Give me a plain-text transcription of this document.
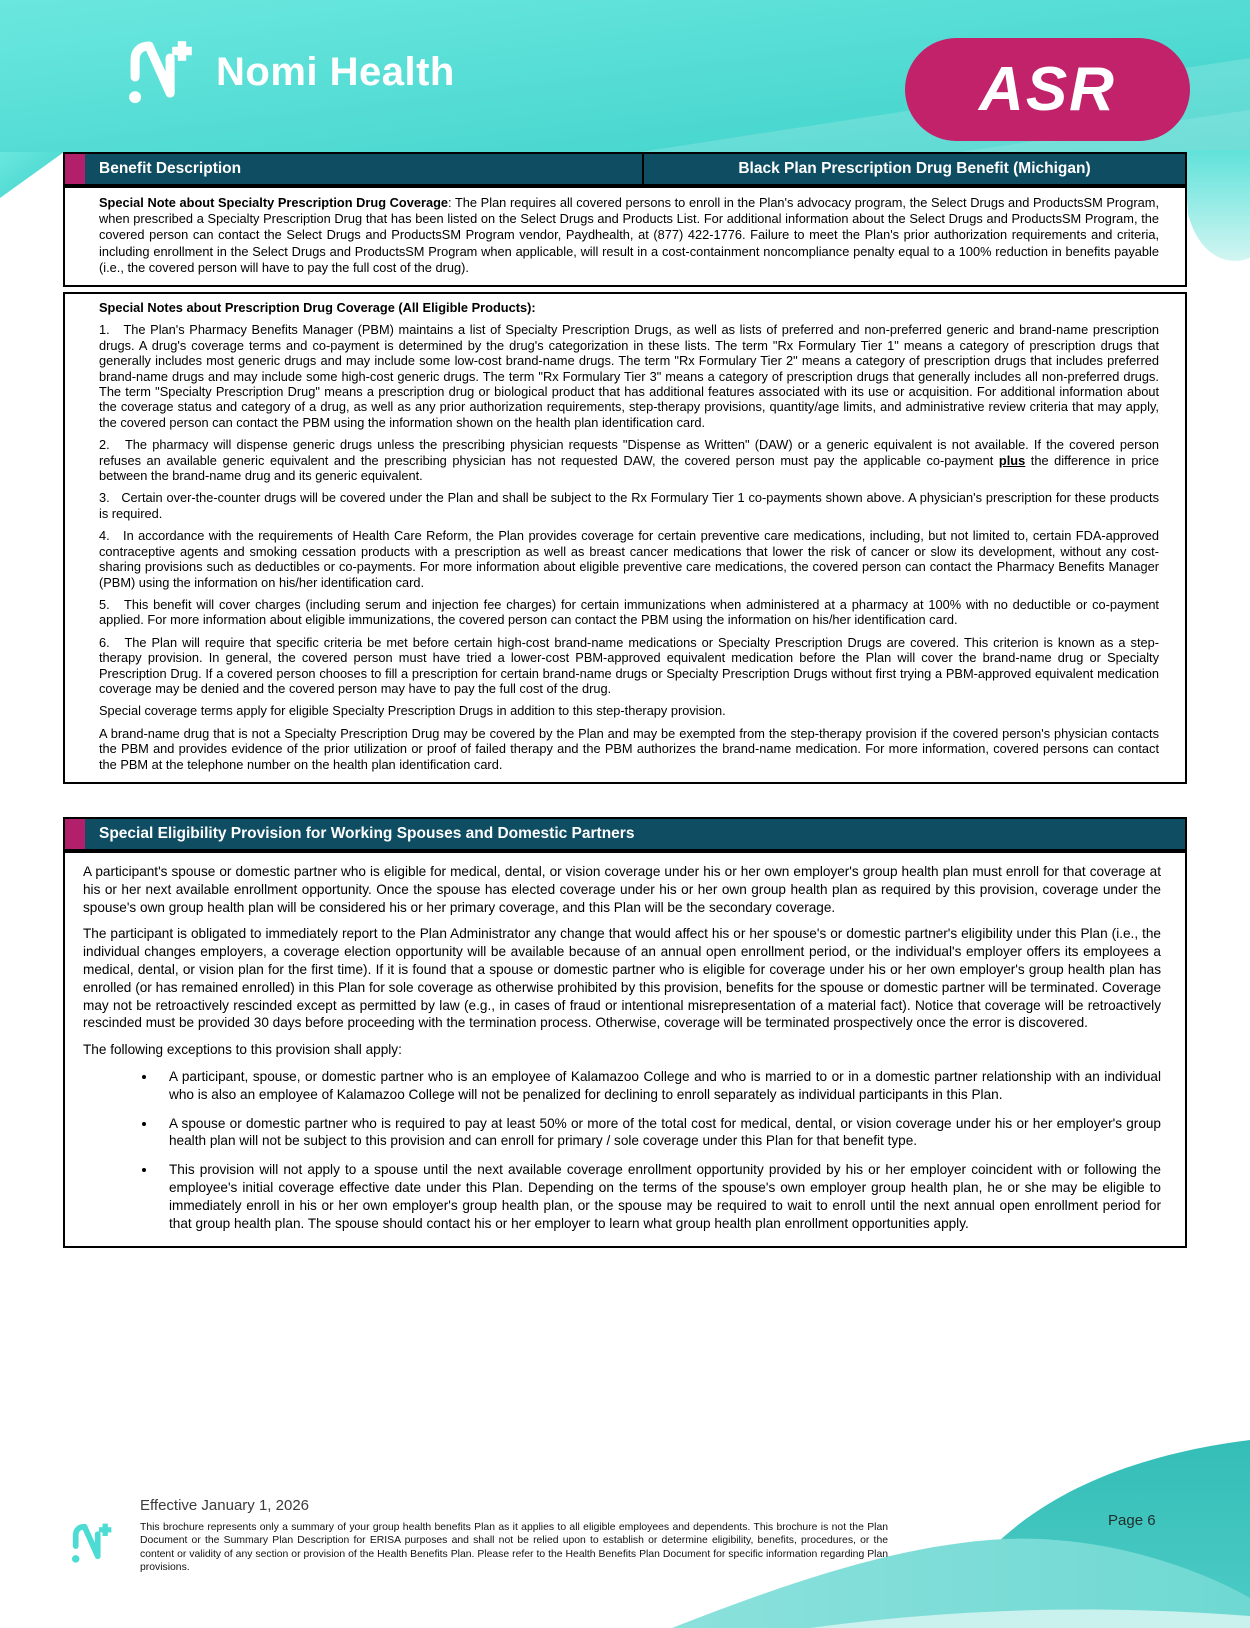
Nomi Health	ASR
Benefit Description	Black Plan Prescription Drug Benefit (Michigan)
Special Note about Specialty Prescription Drug Coverage: The Plan requires all covered persons to enroll in the Plan's advocacy program, the Select Drugs and ProductsSM Program, when prescribed a Specialty Prescription Drug that has been listed on the Select Drugs and Products List. For additional information about the Select Drugs and ProductsSM Program, the covered person can contact the Select Drugs and ProductsSM Program vendor, Paydhealth, at (877) 422-1776. Failure to meet the Plan's prior authorization requirements and criteria, including enrollment in the Select Drugs and ProductsSM Program when applicable, will result in a cost-containment noncompliance penalty equal to a 100% reduction in benefits payable (i.e., the covered person will have to pay the full cost of the drug).

Special Notes about Prescription Drug Coverage (All Eligible Products):

1.   The Plan's Pharmacy Benefits Manager (PBM) maintains a list of Specialty Prescription Drugs, as well as lists of preferred and non-preferred generic and brand-name prescription drugs. A drug's coverage terms and co-payment is determined by the drug's categorization in these lists. The term "Rx Formulary Tier 1" means a category of prescription drugs that generally includes most generic drugs and may include some low-cost brand-name drugs. The term "Rx Formulary Tier 2" means a category of prescription drugs that includes preferred brand-name drugs and may include some high-cost generic drugs. The term "Rx Formulary Tier 3" means a category of prescription drugs that generally includes all non-preferred drugs. The term "Specialty Prescription Drug" means a prescription drug or biological product that has additional features associated with its use or acquisition. For additional information about the coverage status and category of a drug, as well as any prior authorization requirements, step-therapy provisions, quantity/age limits, and administrative review criteria that may apply, the covered person can contact the PBM using the information shown on the health plan identification card.

2.   The pharmacy will dispense generic drugs unless the prescribing physician requests "Dispense as Written" (DAW) or a generic equivalent is not available. If the covered person refuses an available generic equivalent and the prescribing physician has not requested DAW, the covered person must pay the applicable co-payment plus the difference in price between the brand-name drug and its generic equivalent.

3.   Certain over-the-counter drugs will be covered under the Plan and shall be subject to the Rx Formulary Tier 1 co-payments shown above. A physician's prescription for these products is required.

4.   In accordance with the requirements of Health Care Reform, the Plan provides coverage for certain preventive care medications, including, but not limited to, certain FDA-approved contraceptive agents and smoking cessation products with a prescription as well as breast cancer medications that lower the risk of cancer or slow its development, without any cost-sharing provisions such as deductibles or co-payments. For more information about eligible preventive care medications, the covered person can contact the Pharmacy Benefits Manager (PBM) using the information on his/her identification card.

5.   This benefit will cover charges (including serum and injection fee charges) for certain immunizations when administered at a pharmacy at 100% with no deductible or co-payment applied. For more information about eligible immunizations, the covered person can contact the PBM using the information on his/her identification card.

6.   The Plan will require that specific criteria be met before certain high-cost brand-name medications or Specialty Prescription Drugs are covered. This criterion is known as a step-therapy provision. In general, the covered person must have tried a lower-cost PBM-approved equivalent medication before the Plan will cover the brand-name drug or Specialty Prescription Drug. If a covered person chooses to fill a prescription for certain brand-name drugs or Specialty Prescription Drugs without first trying a PBM-approved equivalent medication coverage may be denied and the covered person may have to pay the full cost of the drug.

Special coverage terms apply for eligible Specialty Prescription Drugs in addition to this step-therapy provision.

A brand-name drug that is not a Specialty Prescription Drug may be covered by the Plan and may be exempted from the step-therapy provision if the covered person's physician contacts the PBM and provides evidence of the prior utilization or proof of failed therapy and the PBM authorizes the brand-name medication. For more information, covered persons can contact the PBM at the telephone number on the health plan identification card.

Special Eligibility Provision for Working Spouses and Domestic Partners

A participant's spouse or domestic partner who is eligible for medical, dental, or vision coverage under his or her own employer's group health plan must enroll for that coverage at his or her next available enrollment opportunity. Once the spouse has elected coverage under his or her own group health plan as required by this provision, coverage under the spouse's own group health plan will be considered his or her primary coverage, and this Plan will be the secondary coverage.

The participant is obligated to immediately report to the Plan Administrator any change that would affect his or her spouse's or domestic partner's eligibility under this Plan (i.e., the individual changes employers, a coverage election opportunity will be available because of an annual open enrollment period, or the individual's employer offers its employees a medical, dental, or vision plan for the first time). If it is found that a spouse or domestic partner who is eligible for coverage under his or her own employer's group health plan has enrolled (or has remained enrolled) in this Plan for sole coverage as otherwise prohibited by this provision, benefits for the spouse or domestic partner will be terminated. Coverage may not be retroactively rescinded except as permitted by law (e.g., in cases of fraud or intentional misrepresentation of a material fact). Notice that coverage will be retroactively rescinded must be provided 30 days before proceeding with the termination process. Otherwise, coverage will be terminated prospectively once the error is discovered.

The following exceptions to this provision shall apply:

• A participant, spouse, or domestic partner who is an employee of Kalamazoo College and who is married to or in a domestic partner relationship with an individual who is also an employee of Kalamazoo College will not be penalized for declining to enroll separately as individual participants in this Plan.
• A spouse or domestic partner who is required to pay at least 50% or more of the total cost for medical, dental, or vision coverage under his or her employer's group health plan will not be subject to this provision and can enroll for primary / sole coverage under this Plan for that benefit type.
• This provision will not apply to a spouse until the next available coverage enrollment opportunity provided by his or her employer coincident with or following the employee's initial coverage effective date under this Plan. Depending on the terms of the spouse's own employer group health plan, he or she may be eligible to immediately enroll in his or her own employer's group health plan, or the spouse may be required to wait to enroll until the next annual open enrollment period for that group health plan. The spouse should contact his or her employer to learn what group health plan enrollment opportunities apply.
Effective January 1, 2026
This brochure represents only a summary of your group health benefits Plan as it applies to all eligible employees and dependents. This brochure is not the Plan Document or the Summary Plan Description for ERISA purposes and shall not be relied upon to establish or determine eligibility, benefits, procedures, or the content or validity of any section or provision of the Health Benefits Plan. Please refer to the Health Benefits Plan Document for specific information regarding Plan provisions.
Page 6
